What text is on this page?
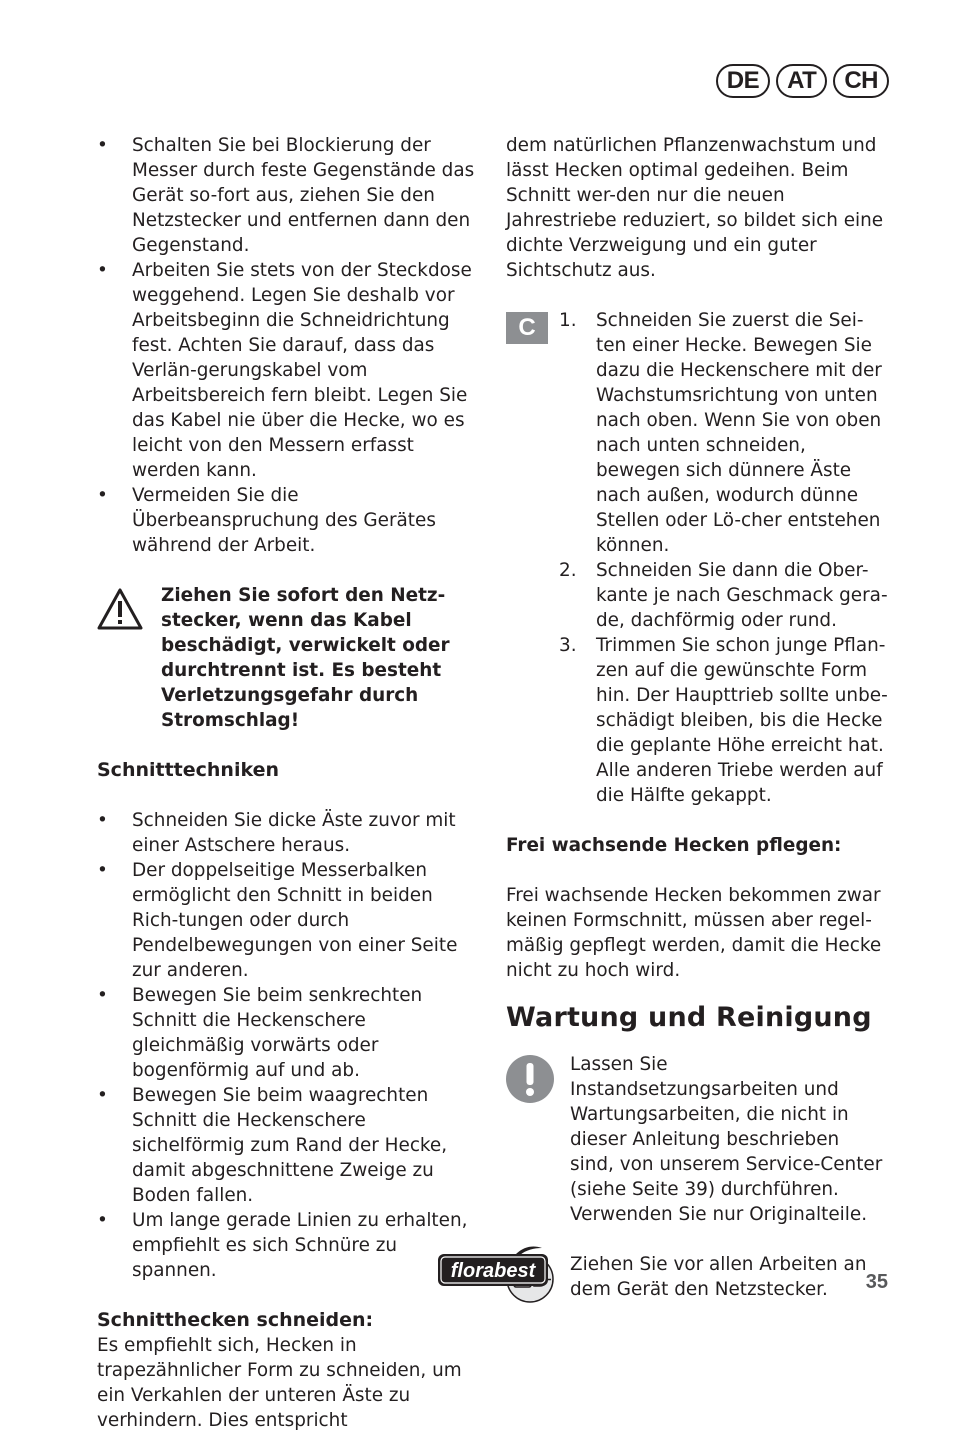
DE	AT	CH
• Schalten Sie bei Blockierung der Messer durch feste Gegenstände das Gerät so-fort aus, ziehen Sie den Netzstecker und entfernen dann den Gegenstand.
• Arbeiten Sie stets von der Steckdose weggehend. Legen Sie deshalb vor Arbeitsbeginn die Schneidrichtung fest. Achten Sie darauf, dass das Verlän-gerungskabel vom Arbeitsbereich fern bleibt. Legen Sie das Kabel nie über die Hecke, wo es leicht von den Messern erfasst werden kann.
• Vermeiden Sie die Überbeanspruchung des Gerätes während der Arbeit.
Ziehen Sie sofort den Netz-stecker, wenn das Kabel beschädigt, verwickelt oder durchtrennt ist. Es besteht Verletzungsgefahr durch Stromschlag!
Schnitttechniken
• Schneiden Sie dicke Äste zuvor mit einer Astschere heraus.
• Der doppelseitige Messerbalken ermöglicht den Schnitt in beiden Rich-tungen oder durch Pendelbewegungen von einer Seite zur anderen.
• Bewegen Sie beim senkrechten Schnitt die Heckenschere gleichmäßig vorwärts oder bogenförmig auf und ab.
• Bewegen Sie beim waagrechten Schnitt die Heckenschere sichelförmig zum Rand der Hecke, damit abgeschnittene Zweige zu Boden fallen.
• Um lange gerade Linien zu erhalten, empfiehlt es sich Schnüre zu spannen.
Schnitthecken schneiden:

Es empfiehlt sich, Hecken in trapezähnlicher Form zu schneiden, um ein Verkahlen der unteren Äste zu verhindern. Dies entspricht

dem natürlichen Pflanzenwachstum und lässt Hecken optimal gedeihen. Beim Schnitt wer-den nur die neuen Jahrestriebe reduziert, so bildet sich eine dichte Verzweigung und ein guter Sichtschutz aus.

C	1. Schneiden Sie zuerst die Sei-ten einer Hecke. Bewegen Sie dazu die Heckenschere mit der Wachstumsrichtung von unten nach oben. Wenn Sie von oben nach unten schneiden, bewegen sich dünnere Äste nach außen, wodurch dünne Stellen oder Lö-cher entstehen können.
2. Schneiden Sie dann die Ober-kante je nach Geschmack gera-de, dachförmig oder rund.
3. Trimmen Sie schon junge Pflan-zen auf die gewünschte Form hin. Der Haupttrieb sollte unbe-schädigt bleiben, bis die Hecke die geplante Höhe erreicht hat. Alle anderen Triebe werden auf die Hälfte gekappt.
Frei wachsende Hecken pflegen:

Frei wachsende Hecken bekommen zwar keinen Formschnitt, müssen aber regel-mäßig gepflegt werden, damit die Hecke nicht zu hoch wird.

Wartung und Reinigung
Lassen Sie Instandsetzungsarbeiten und Wartungsarbeiten, die nicht in dieser Anleitung beschrieben sind, von unserem Service-Center (siehe Seite 39) durchführen. Verwenden Sie nur Originalteile.
Ziehen Sie vor allen Arbeiten an dem Gerät den Netzstecker.
florabest	35
